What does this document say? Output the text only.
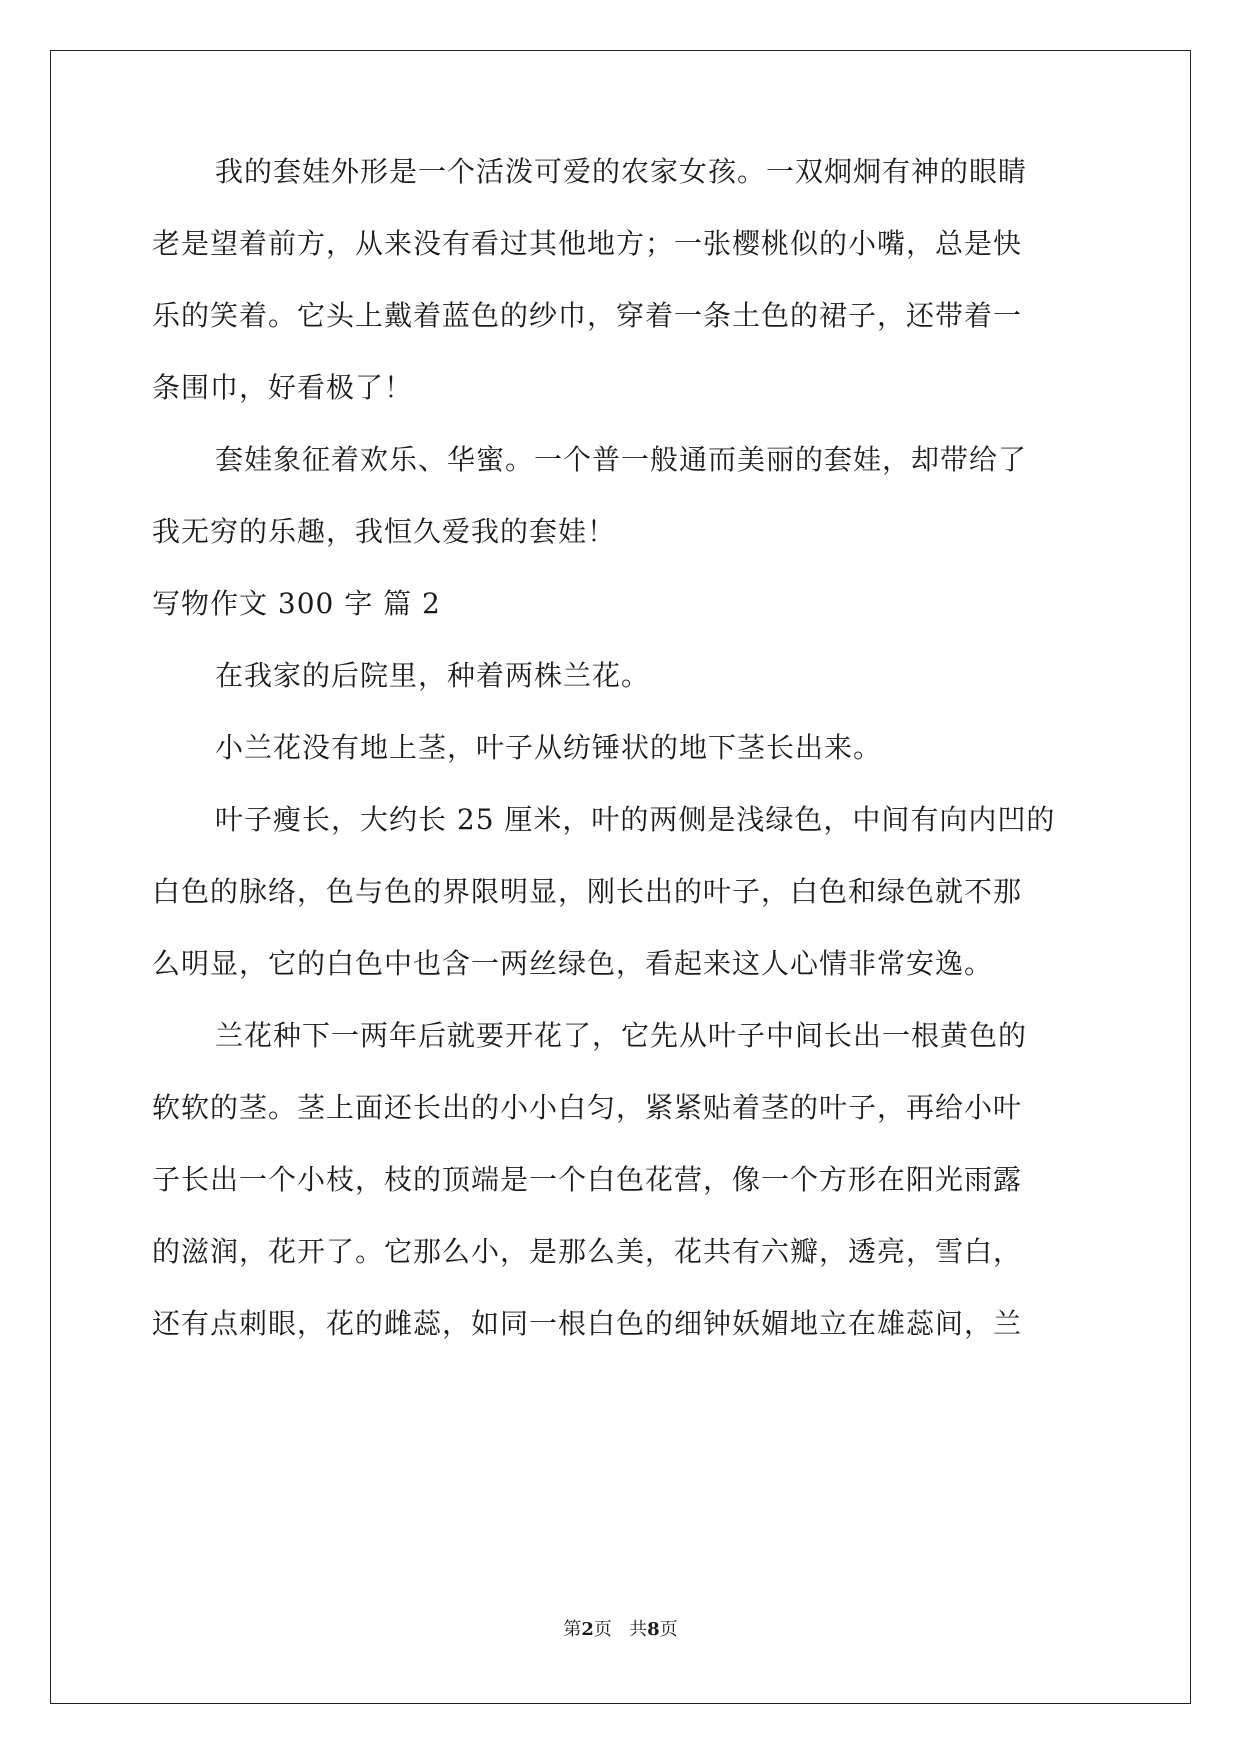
我的套娃外形是一个活泼可爱的农家女孩。一双炯炯有神的眼睛
老是望着前方，从来没有看过其他地方；一张樱桃似的小嘴，总是快
乐的笑着。它头上戴着蓝色的纱巾，穿着一条土色的裙子，还带着一
条围巾，好看极了！
套娃象征着欢乐、华蜜。一个普一般通而美丽的套娃，却带给了
我无穷的乐趣，我恒久爱我的套娃！
写物作文 300 字 篇 2
在我家的后院里，种着两株兰花。
小兰花没有地上茎，叶子从纺锤状的地下茎长出来。
叶子瘦长，大约长 25 厘米，叶的两侧是浅绿色，中间有向内凹的
白色的脉络，色与色的界限明显，刚长出的叶子，白色和绿色就不那
么明显，它的白色中也含一两丝绿色，看起来这人心情非常安逸。
兰花种下一两年后就要开花了，它先从叶子中间长出一根黄色的
软软的茎。茎上面还长出的小小白匀，紧紧贴着茎的叶子，再给小叶
子长出一个小枝，枝的顶端是一个白色花营，像一个方形在阳光雨露
的滋润，花开了。它那么小，是那么美，花共有六瓣，透亮，雪白，
还有点刺眼，花的雌蕊，如同一根白色的细钟妖媚地立在雄蕊间，兰
第2页   共8页
